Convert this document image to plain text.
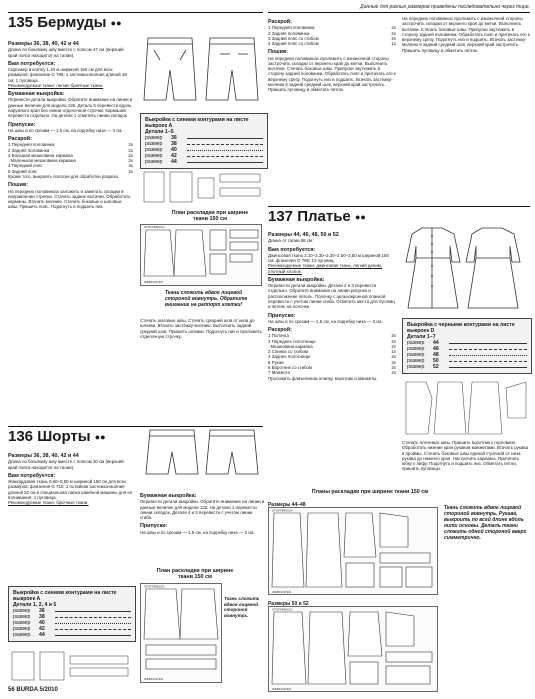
Данные для разных размеров приведены последовательно через тире.
135 Бермуды ●●
Размеры 36, 38, 40, 42 и 44
Длина по боковому шву вместе с поясом 47 см (верхний край пояса находится на талии).
Вам потребуется:
Сирсакер в клетку 1,40 м шириной 150 см для всех размеров; флизелин G 785; 1 застежка-молния длиной 18 см; 1 пуговица.
Рекомендуемые ткани: легкие брючные ткани.
Бумажная выкройка:
Перевести детали выкройки. Обратите внимание на линии и данные величин для модели 135. Деталь 5 перевести вдоль наружного края без линии отделочной строчки. Кармашек перевести отдельно. На детали 1 отметить линии складок.
Припуски:
На швы и по срезам — 1,5 см, на подгибку низа — 3 см.
Раскрой:
1 Передняя половинка	2x
2 Задняя половинка	2x
3 Большая мешковина кармана	2x
Маленькая мешковина кармана	2x
4 Передний пояс	4x
5 Задний пояс	2x
Кроме того, выкроить полоски для обработки разреза.
Пошив:
На передних половинках заложить и заметать складки в направлении стрелки. Стачать задние вытачки. Обработать карманы. Втачать молнию. Стачать боковые и шаговые швы. Пришить пояс. Подогнуть и подшить низ.
Выкройка с синими контурами на листе выкроек А
Детали 1–5
размер	36
размер	38
размер	40
размер	42
размер	44
План раскладки при ширине ткани 150 см
STOFFBRUCH
WEBKANTEN
Ткань сложить вдвое лицевой стороной вовнутрь. Обратите внимание на раппорт клетки!
Стачать шаговые швы. Стачать средний шов от низа до шлевки. Втачать застежку-молнию. Выполнить задний средний шов. Пришить шлевки. Подогнуть низ и проложить отделочную строчку.
Раскрой:
1 Передняя половинка	2x
2 Задняя половинка	2x
3 Задний пояс со сгибом	2x
4 Задний пояс со сгибом	1x
Пошив:
На передних половинках проложить с изнаночной стороны застрочить складки от верхнего края до метки. Выполнить вытачки. Стачать боковые швы. Припуски заутюжить в сторону задней половинки. Обработать пояс и притачать его к верхнему срезу. Подогнуть низ и подшить. Втачать застежку-молнию в задний средний шов, верхний край застрочить. Пришить пуговицу и обметать петлю.
На передних половинках проложить с изнаночной стороны застрочить складки от верхнего края до метки. Выполнить вытачки. Стачать боковые швы. Припуски заутюжить в сторону задней половинки. Обработать пояс и притачать его к верхнему срезу. Подогнуть низ и подшить. Втачать застежку-молнию в задний средний шов, верхний край застрочить. Пришить пуговицу и обметать петлю.
137 Платье ●●
Размеры 44, 46, 48, 50 и 52
Длина от талии 68 см.
Вам потребуется:
Джинсовая ткань 2,10–2,30–2,30–2,50–2,50 м шириной 150 см; флизелин G 785; 12 пуговиц.
Рекомендуемые ткани: джинсовая ткань, легкий деним, плотный хлопок.
Бумажная выкройка:
Перевести детали выкройки. Детали 2 и 3 перевести отдельно. Обратите внимание на линии рисунка и расположение петель. Полочку с цельнокроеной планкой перевести с учетом линии сгиба. Отметить места для пуговиц и петель на полочке.
Припуски:
На швы и по срезам — 1,5 см, на подгибку низа — 3 см.
Раскрой:
1 Полочка	2x
2 Переднее полотнище	2x
Мешковина кармана	2x
3 Спинка со сгибом	1x
4 Заднее полотнище	2x
5 Рукав	2x
6 Воротник со сгибом	2x
7 Манжета	2x
Проложить флизелином планку, воротник и манжеты.
Выкройка с черными контурами на листе выкроек D
Детали 1–7
размер	44
размер	46
размер	48
размер	50
размер	52
Стачать плечевые швы. Пришить воротник к горловине. Обработать нижние края рукавов манжетами. Втачать рукава в проймы. Стачать боковые швы единой строчкой от низа рукава до нижнего края. Настрочить карманы. Притачать юбку к лифу. Подогнуть и подшить низ. Обметать петли, пришить пуговицы.
Планы раскладки при ширине ткани 150 см
Размеры 44–48
STOFFBRUCH
WEBKANTEN
Размеры 50 и 52
STOFFBRUCH
WEBKANTEN
Ткань сложить вдвое лицевой стороной вовнутрь. Рукава, выкроить по всей длине вдоль нити основы. Деталь ткани сложить одной стороной вверх симметрично.
136 Шорты ●●
Размеры 36, 38, 40, 42 и 44
Длина по боковому шву вместе с поясом 30 см (верхний край пояса находится на талии).
Вам потребуется:
Жаккардовая ткань 0,60–0,80 м шириной 150 см для всех размеров; флизелин G 710; 1 потайная застежка-молния длиной 22 см и специальная лапка швейной машины для ее втачивания; 1 пуговица.
Рекомендуемые ткани: брючные ткани.
Выкройка с синими контурами на листе выкроек А
Детали 1, 2, 4 и 5
размер	36
размер	38
размер	40
размер	42
размер	44
Бумажная выкройка:
Перевести детали выкройки. Обратите внимание на линии и данные величин для модели 136. На детали 1 перевести линии складок. Детали 4 и 5 перевести с учетом линии сгиба.
Припуски:
На швы и по срезам — 1,5 см, на подгибку низа — 3 см.
План раскладки при ширине ткани 150 см
STOFFBRUCH
WEBKANTEN
Ткань сложить вдвое лицевой стороной вовнутрь.
56 BURDA 5/2010
